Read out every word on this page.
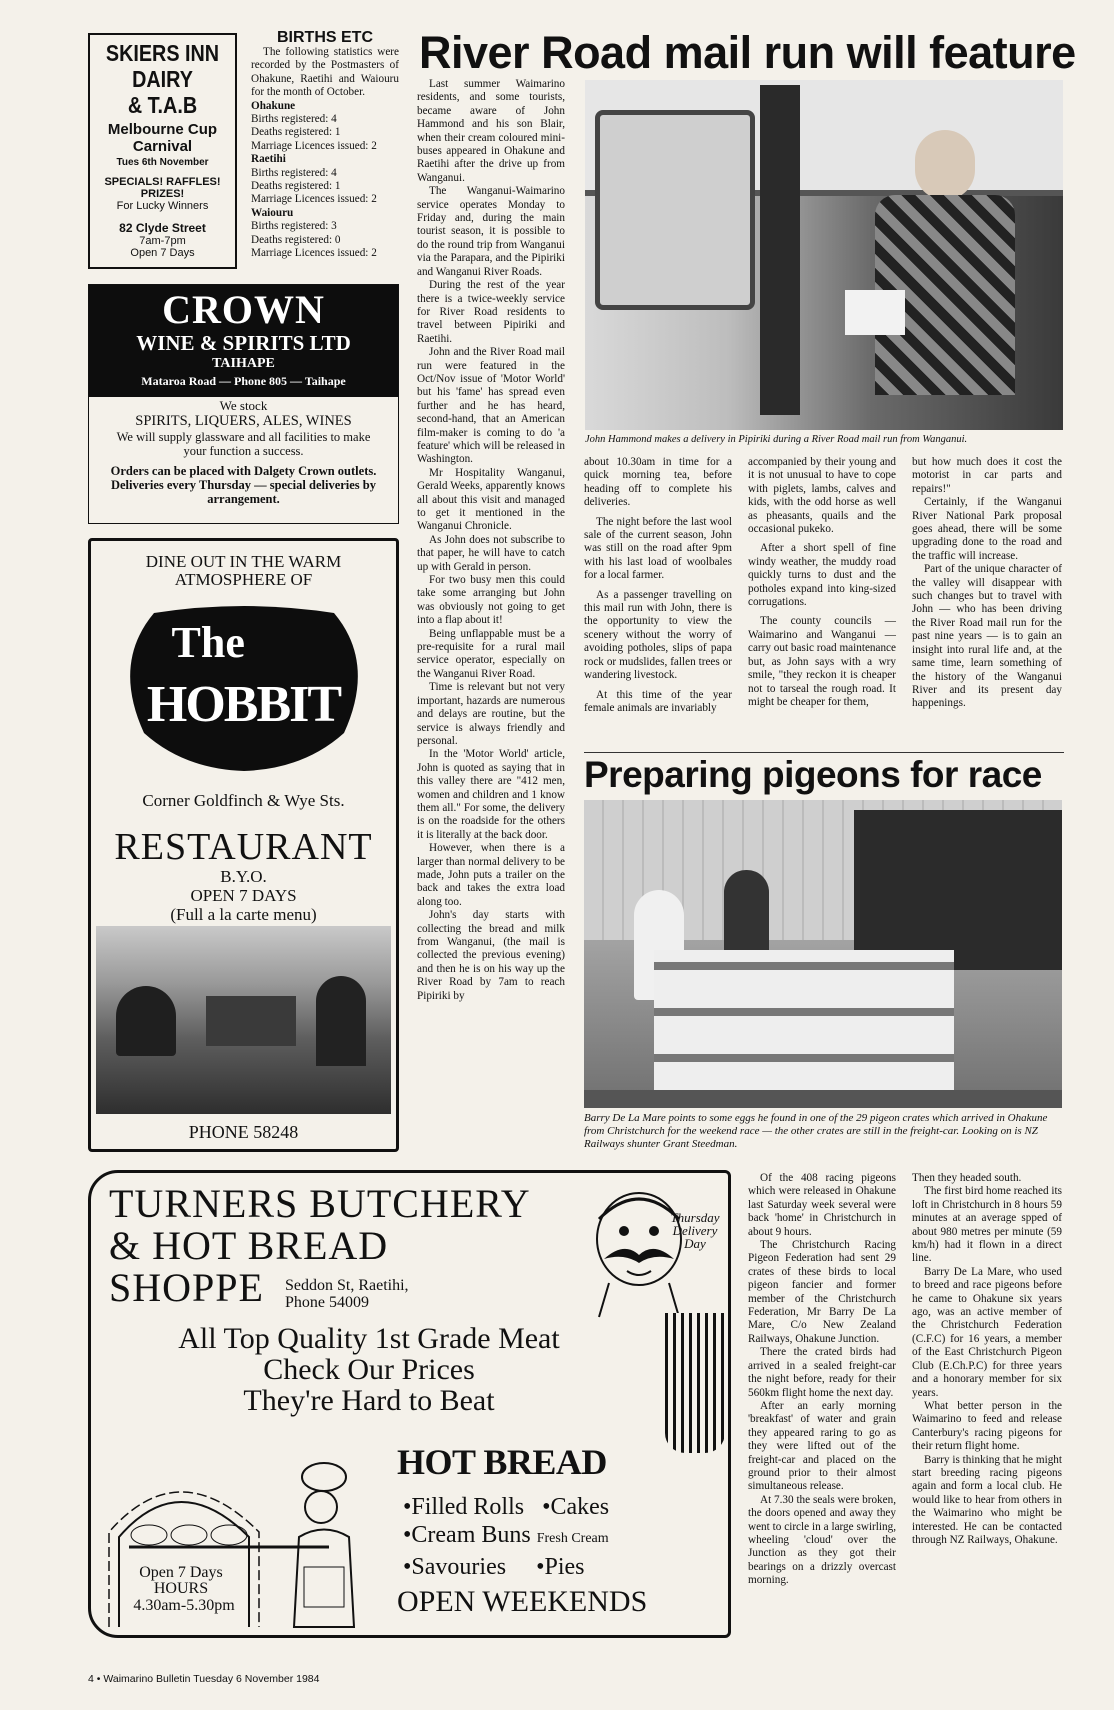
SKIERS INN
DAIRY
& T.A.B
Melbourne Cup Carnival
Tues 6th November
SPECIALS! RAFFLES! PRIZES!
For Lucky Winners
82 Clyde Street
7am-7pm
Open 7 Days
BIRTHS ETC

The following statistics were recorded by the Postmasters of Ohakune, Raetihi and Waiouru for the month of October.

Ohakune
Births registered: 4
Deaths registered: 1
Marriage Licences issued: 2
Raetihi
Births registered: 4
Deaths registered: 1
Marriage Licences issued: 2
Waiouru
Births registered: 3
Deaths registered: 0
Marriage Licences issued: 2
CROWN
WINE & SPIRITS LTD
TAIHAPE
Mataroa Road — Phone 805 — Taihape
We stock
SPIRITS, LIQUERS, ALES, WINES
We will supply glassware and all facilities to make your function a success.
Orders can be placed with Dalgety Crown outlets. Deliveries every Thursday — special deliveries by arrangement.
DINE OUT IN THE WARM ATMOSPHERE OF
The
HOBBIT
Corner Goldfinch & Wye Sts.
RESTAURANT
B.Y.O.
OPEN 7 DAYS
(Full a la carte menu)
PHONE 58248
River Road mail run will feature

Last summer Waimarino residents, and some tourists, became aware of John Hammond and his son Blair, when their cream coloured mini-buses appeared in Ohakune and Raetihi after the drive up from Wanganui.

The Wanganui-Waimarino service operates Monday to Friday and, during the main tourist season, it is possible to do the round trip from Wanganui via the Parapara, and the Pipiriki and Wanganui River Roads.

During the rest of the year there is a twice-weekly service for River Road residents to travel between Pipiriki and Raetihi.

John and the River Road mail run were featured in the Oct/Nov issue of 'Motor World' but his 'fame' has spread even further and he has heard, second-hand, that an American film-maker is coming to do 'a feature' which will be released in Washington.

Mr Hospitality Wanganui, Gerald Weeks, apparently knows all about this visit and managed to get it mentioned in the Wanganui Chronicle.

As John does not subscribe to that paper, he will have to catch up with Gerald in person.

For two busy men this could take some arranging but John was obviously not going to get into a flap about it!

Being unflappable must be a pre-requisite for a rural mail service operator, especially on the Wanganui River Road.

Time is relevant but not very important, hazards are numerous and delays are routine, but the service is always friendly and personal.

In the 'Motor World' article, John is quoted as saying that in this valley there are "412 men, women and children and 1 know them all." For some, the delivery is on the roadside for the others it is literally at the back door.

However, when there is a larger than normal delivery to be made, John puts a trailer on the back and takes the extra load along too.

John's day starts with collecting the bread and milk from Wanganui, (the mail is collected the previous evening) and then he is on his way up the River Road by 7am to reach Pipiriki by

John Hammond makes a delivery in Pipiriki during a River Road mail run from Wanganui.

about 10.30am in time for a quick morning tea, before heading off to complete his deliveries.

The night before the last wool sale of the current season, John was still on the road after 9pm with his last load of woolbales for a local farmer.

As a passenger travelling on this mail run with John, there is the opportunity to view the scenery without the worry of avoiding potholes, slips of papa rock or mudslides, fallen trees or wandering livestock.

At this time of the year female animals are invariably

accompanied by their young and it is not unusual to have to cope with piglets, lambs, calves and kids, with the odd horse as well as pheasants, quails and the occasional pukeko.

After a short spell of fine windy weather, the muddy road quickly turns to dust and the potholes expand into king-sized corrugations.

The county councils — Waimarino and Wanganui — carry out basic road maintenance but, as John says with a wry smile, "they reckon it is cheaper not to tarseal the rough road. It might be cheaper for them,

but how much does it cost the motorist in car parts and repairs!"

Certainly, if the Wanganui River National Park proposal goes ahead, there will be some upgrading done to the road and the traffic will increase.

Part of the unique character of the valley will disappear with such changes but to travel with John — who has been driving the River Road mail run for the past nine years — is to gain an insight into rural life and, at the same time, learn something of the history of the Wanganui River and its present day happenings.

Preparing pigeons for race
Barry De La Mare points to some eggs he found in one of the 29 pigeon crates which arrived in Ohakune from Christchurch for the weekend race — the other crates are still in the freight-car. Looking on is NZ Railways shunter Grant Steedman.

Of the 408 racing pigeons which were released in Ohakune last Saturday week several were back 'home' in Christchurch in about 9 hours.

The Christchurch Racing Pigeon Federation had sent 29 crates of these birds to local pigeon fancier and former member of the Christchurch Federation, Mr Barry De La Mare, C/o New Zealand Railways, Ohakune Junction.

There the crated birds had arrived in a sealed freight-car the night before, ready for their 560km flight home the next day.

After an early morning 'breakfast' of water and grain they appeared raring to go as they were lifted out of the freight-car and placed on the ground prior to their almost simultaneous release.

At 7.30 the seals were broken, the doors opened and away they went to circle in a large swirling, wheeling 'cloud' over the Junction as they got their bearings on a drizzly overcast morning.

Then they headed south.

The first bird home reached its loft in Christchurch in 8 hours 59 minutes at an average spped of about 980 metres per minute (59 km/h) had it flown in a direct line.

Barry De La Mare, who used to breed and race pigeons before he came to Ohakune six years ago, was an active member of the Christchurch Federation (C.F.C) for 16 years, a member of the East Christchurch Pigeon Club (E.Ch.P.C) for three years and a honorary member for six years.

What better person in the Waimarino to feed and release Canterbury's racing pigeons for their return flight home.

Barry is thinking that he might start breeding racing pigeons again and form a local club. He would like to hear from others in the Waimarino who might be interested. He can be contacted through NZ Railways, Ohakune.

TURNERS BUTCHERY
& HOT BREAD
SHOPPE Seddon St, Raetihi,
Phone 54009
Thursday
Delivery
Day
All Top Quality 1st Grade Meat
Check Our Prices
They're Hard to Beat
Open 7 Days
HOURS
4.30am-5.30pm
HOT BREAD
•Filled Rolls •Cakes
•Cream Buns Fresh Cream
•Savouries •Pies
OPEN WEEKENDS
4 • Waimarino Bulletin Tuesday 6 November 1984
